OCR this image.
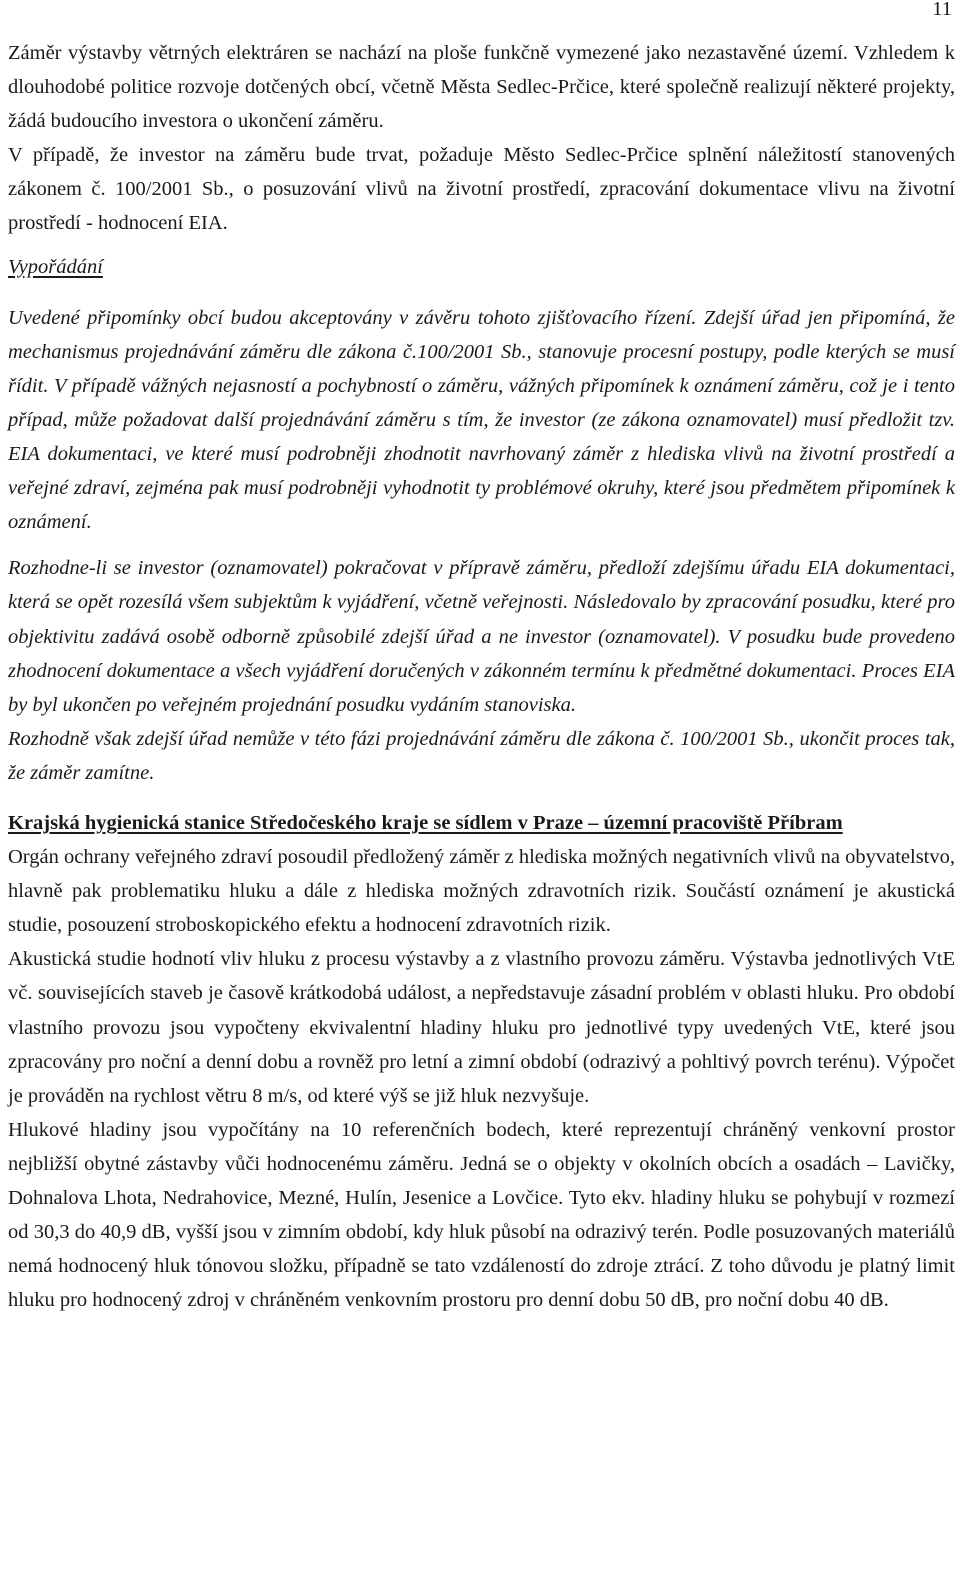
11

Záměr výstavby větrných elektráren se nachází na ploše funkčně vymezené jako nezastavěné území. Vzhledem k dlouhodobé politice rozvoje dotčených obcí, včetně Města Sedlec-Prčice, které společně realizují některé projekty, žádá budoucího investora o ukončení záměru.

V případě, že investor na záměru bude trvat, požaduje Město Sedlec-Prčice splnění náležitostí stanovených zákonem č. 100/2001 Sb., o posuzování vlivů na životní prostředí, zpracování dokumentace vlivu na životní prostředí - hodnocení EIA.

Vypořádání

Uvedené připomínky obcí budou akceptovány v závěru tohoto zjišťovacího řízení. Zdejší úřad jen připomíná, že mechanismus projednávání záměru dle zákona č.100/2001 Sb., stanovuje procesní postupy, podle kterých se musí řídit. V případě vážných nejasností a pochybností o záměru, vážných připomínek k oznámení záměru, což je i tento případ, může požadovat další projednávání záměru s tím, že investor (ze zákona oznamovatel) musí předložit tzv. EIA dokumentaci, ve které musí podrobněji zhodnotit navrhovaný záměr z hlediska vlivů na životní prostředí a veřejné zdraví, zejména pak musí podrobněji vyhodnotit ty problémové okruhy, které jsou předmětem připomínek k oznámení.

Rozhodne-li se investor (oznamovatel) pokračovat v přípravě záměru, předloží zdejšímu úřadu EIA dokumentaci, která se opět rozesílá všem subjektům k vyjádření, včetně veřejnosti. Následovalo by zpracování posudku, které pro objektivitu zadává osobě odborně způsobilé zdejší úřad a ne investor (oznamovatel). V posudku bude provedeno zhodnocení dokumentace a všech vyjádření doručených v zákonném termínu k předmětné dokumentaci. Proces EIA by byl ukončen po veřejném projednání posudku vydáním stanoviska.

Rozhodně však zdejší úřad nemůže v této fázi projednávání záměru dle zákona č. 100/2001 Sb., ukončit proces tak, že záměr zamítne.

Krajská hygienická stanice Středočeského kraje se sídlem v Praze – územní pracoviště Příbram

Orgán ochrany veřejného zdraví posoudil předložený záměr z hlediska možných negativních vlivů na obyvatelstvo, hlavně pak problematiku hluku a dále z hlediska možných zdravotních rizik. Součástí oznámení je akustická studie, posouzení stroboskopického efektu a hodnocení zdravotních rizik.

Akustická studie hodnotí vliv hluku z procesu výstavby a z vlastního provozu záměru. Výstavba jednotlivých VtE vč. souvisejících staveb je časově krátkodobá událost, a nepředstavuje zásadní problém v oblasti hluku. Pro období vlastního provozu jsou vypočteny ekvivalentní hladiny hluku pro jednotlivé typy uvedených VtE, které jsou zpracovány pro noční a denní dobu a rovněž pro letní a zimní období (odrazivý a pohltivý povrch terénu). Výpočet je prováděn na rychlost větru 8 m/s, od které výš se již hluk nezvyšuje.

Hlukové hladiny jsou vypočítány na 10 referenčních bodech, které reprezentují chráněný venkovní prostor nejbližší obytné zástavby vůči hodnocenému záměru. Jedná se o objekty v okolních obcích a osadách – Lavičky, Dohnalova Lhota, Nedrahovice, Mezné, Hulín, Jesenice a Lovčice. Tyto ekv. hladiny hluku se pohybují v rozmezí od 30,3 do 40,9 dB, vyšší jsou v zimním období, kdy hluk působí na odrazivý terén. Podle posuzovaných materiálů nemá hodnocený hluk tónovou složku, případně se tato vzdáleností do zdroje ztrácí. Z toho důvodu je platný limit hluku pro hodnocený zdroj v chráněném venkovním prostoru pro denní dobu 50 dB, pro noční dobu 40 dB.
